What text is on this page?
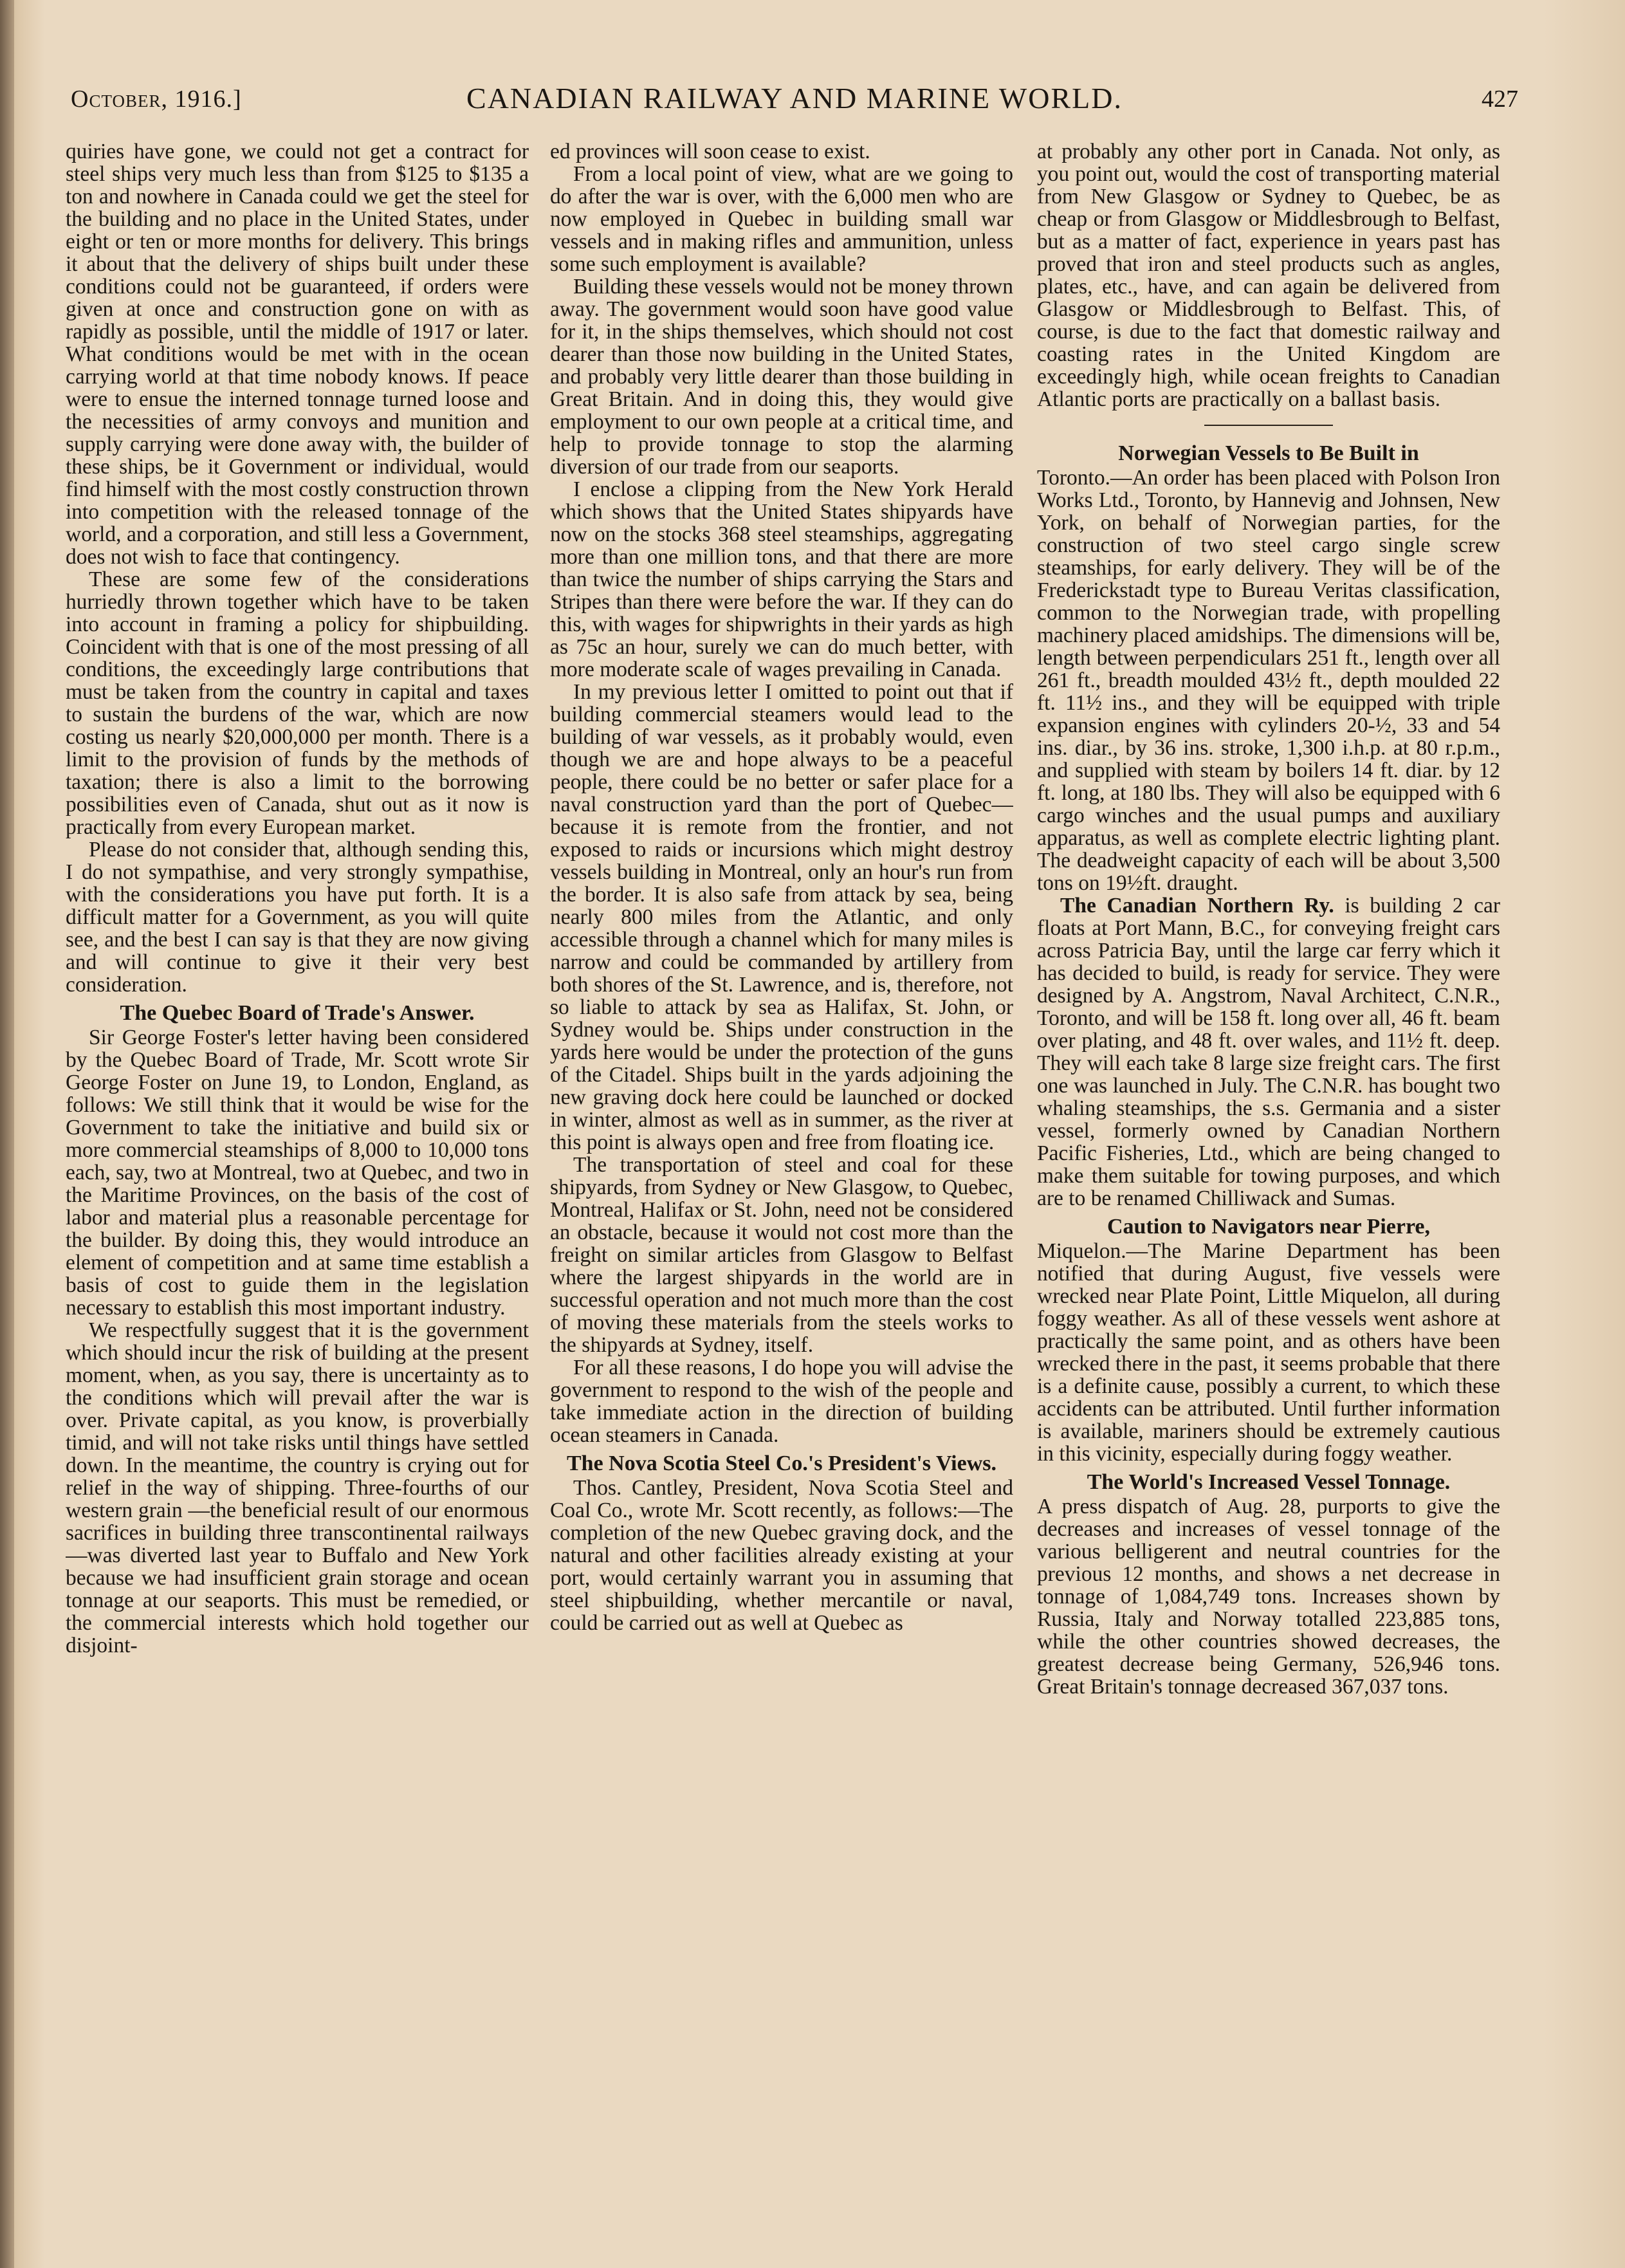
October, 1916.]	CANADIAN RAILWAY AND MARINE WORLD.	427

quiries have gone, we could not get a contract for steel ships very much less than from $125 to $135 a ton and nowhere in Canada could we get the steel for the building and no place in the United States, under eight or ten or more months for delivery. This brings it about that the delivery of ships built under these conditions could not be guaranteed, if orders were given at once and construction gone on with as rapidly as possible, until the middle of 1917 or later. What conditions would be met with in the ocean carrying world at that time nobody knows. If peace were to ensue the interned tonnage turned loose and the necessities of army convoys and munition and supply carrying were done away with, the builder of these ships, be it Government or individual, would find himself with the most costly construction thrown into competition with the released tonnage of the world, and a corporation, and still less a Government, does not wish to face that contingency.

These are some few of the considerations hurriedly thrown together which have to be taken into account in framing a policy for shipbuilding. Coincident with that is one of the most pressing of all conditions, the exceedingly large contributions that must be taken from the country in capital and taxes to sustain the burdens of the war, which are now costing us nearly $20,000,000 per month. There is a limit to the provision of funds by the methods of taxation; there is also a limit to the borrowing possibilities even of Canada, shut out as it now is practically from every European market.

Please do not consider that, although sending this, I do not sympathise, and very strongly sympathise, with the considerations you have put forth. It is a difficult matter for a Government, as you will quite see, and the best I can say is that they are now giving and will continue to give it their very best consideration.

The Quebec Board of Trade's Answer.

Sir George Foster's letter having been considered by the Quebec Board of Trade, Mr. Scott wrote Sir George Foster on June 19, to London, England, as follows: We still think that it would be wise for the Government to take the initiative and build six or more commercial steamships of 8,000 to 10,000 tons each, say, two at Montreal, two at Quebec, and two in the Maritime Provinces, on the basis of the cost of labor and material plus a reasonable percentage for the builder. By doing this, they would introduce an element of competition and at same time establish a basis of cost to guide them in the legislation necessary to establish this most important industry.

We respectfully suggest that it is the government which should incur the risk of building at the present moment, when, as you say, there is uncertainty as to the conditions which will prevail after the war is over. Private capital, as you know, is proverbially timid, and will not take risks until things have settled down. In the meantime, the country is crying out for relief in the way of shipping. Three-fourths of our western grain —the beneficial result of our enormous sacrifices in building three transcontinental railways—was diverted last year to Buffalo and New York because we had insufficient grain storage and ocean tonnage at our seaports. This must be remedied, or the commercial interests which hold together our disjoint-

ed provinces will soon cease to exist.

From a local point of view, what are we going to do after the war is over, with the 6,000 men who are now employed in Quebec in building small war vessels and in making rifles and ammunition, unless some such employment is available?

Building these vessels would not be money thrown away. The government would soon have good value for it, in the ships themselves, which should not cost dearer than those now building in the United States, and probably very little dearer than those building in Great Britain. And in doing this, they would give employment to our own people at a critical time, and help to provide tonnage to stop the alarming diversion of our trade from our seaports.

I enclose a clipping from the New York Herald which shows that the United States shipyards have now on the stocks 368 steel steamships, aggregating more than one million tons, and that there are more than twice the number of ships carrying the Stars and Stripes than there were before the war. If they can do this, with wages for shipwrights in their yards as high as 75c an hour, surely we can do much better, with more moderate scale of wages prevailing in Canada.

In my previous letter I omitted to point out that if building commercial steamers would lead to the building of war vessels, as it probably would, even though we are and hope always to be a peaceful people, there could be no better or safer place for a naval construction yard than the port of Quebec—because it is remote from the frontier, and not exposed to raids or incursions which might destroy vessels building in Montreal, only an hour's run from the border. It is also safe from attack by sea, being nearly 800 miles from the Atlantic, and only accessible through a channel which for many miles is narrow and could be commanded by artillery from both shores of the St. Lawrence, and is, therefore, not so liable to attack by sea as Halifax, St. John, or Sydney would be. Ships under construction in the yards here would be under the protection of the guns of the Citadel. Ships built in the yards adjoining the new graving dock here could be launched or docked in winter, almost as well as in summer, as the river at this point is always open and free from floating ice.

The transportation of steel and coal for these shipyards, from Sydney or New Glasgow, to Quebec, Montreal, Halifax or St. John, need not be considered an obstacle, because it would not cost more than the freight on similar articles from Glasgow to Belfast where the largest shipyards in the world are in successful operation and not much more than the cost of moving these materials from the steels works to the shipyards at Sydney, itself.

For all these reasons, I do hope you will advise the government to respond to the wish of the people and take immediate action in the direction of building ocean steamers in Canada.

The Nova Scotia Steel Co.'s President's Views.

Thos. Cantley, President, Nova Scotia Steel and Coal Co., wrote Mr. Scott recently, as follows:—The completion of the new Quebec graving dock, and the natural and other facilities already existing at your port, would certainly warrant you in assuming that steel shipbuilding, whether mercantile or naval, could be carried out as well at Quebec as

at probably any other port in Canada. Not only, as you point out, would the cost of transporting material from New Glasgow or Sydney to Quebec, be as cheap or from Glasgow or Middlesbrough to Belfast, but as a matter of fact, experience in years past has proved that iron and steel products such as angles, plates, etc., have, and can again be delivered from Glasgow or Middlesbrough to Belfast. This, of course, is due to the fact that domestic railway and coasting rates in the United Kingdom are exceedingly high, while ocean freights to Canadian Atlantic ports are practically on a ballast basis.

Norwegian Vessels to Be Built in

Toronto.—An order has been placed with Polson Iron Works Ltd., Toronto, by Hannevig and Johnsen, New York, on behalf of Norwegian parties, for the construction of two steel cargo single screw steamships, for early delivery. They will be of the Frederickstadt type to Bureau Veritas classification, common to the Norwegian trade, with propelling machinery placed amidships. The dimensions will be, length between perpendiculars 251 ft., length over all 261 ft., breadth moulded 43½ ft., depth moulded 22 ft. 11½ ins., and they will be equipped with triple expansion engines with cylinders 20-½, 33 and 54 ins. diar., by 36 ins. stroke, 1,300 i.h.p. at 80 r.p.m., and supplied with steam by boilers 14 ft. diar. by 12 ft. long, at 180 lbs. They will also be equipped with 6 cargo winches and the usual pumps and auxiliary apparatus, as well as complete electric lighting plant. The deadweight capacity of each will be about 3,500 tons on 19½ft. draught.

The Canadian Northern Ry. is building 2 car floats at Port Mann, B.C., for conveying freight cars across Patricia Bay, until the large car ferry which it has decided to build, is ready for service. They were designed by A. Angstrom, Naval Architect, C.N.R., Toronto, and will be 158 ft. long over all, 46 ft. beam over plating, and 48 ft. over wales, and 11½ ft. deep. They will each take 8 large size freight cars. The first one was launched in July. The C.N.R. has bought two whaling steamships, the s.s. Germania and a sister vessel, formerly owned by Canadian Northern Pacific Fisheries, Ltd., which are being changed to make them suitable for towing purposes, and which are to be renamed Chilliwack and Sumas.

Caution to Navigators near Pierre,

Miquelon.—The Marine Department has been notified that during August, five vessels were wrecked near Plate Point, Little Miquelon, all during foggy weather. As all of these vessels went ashore at practically the same point, and as others have been wrecked there in the past, it seems probable that there is a definite cause, possibly a current, to which these accidents can be attributed. Until further information is available, mariners should be extremely cautious in this vicinity, especially during foggy weather.

The World's Increased Vessel Tonnage.

A press dispatch of Aug. 28, purports to give the decreases and increases of vessel tonnage of the various belligerent and neutral countries for the previous 12 months, and shows a net decrease in tonnage of 1,084,749 tons. Increases shown by Russia, Italy and Norway totalled 223,885 tons, while the other countries showed decreases, the greatest decrease being Germany, 526,946 tons. Great Britain's tonnage decreased 367,037 tons.
